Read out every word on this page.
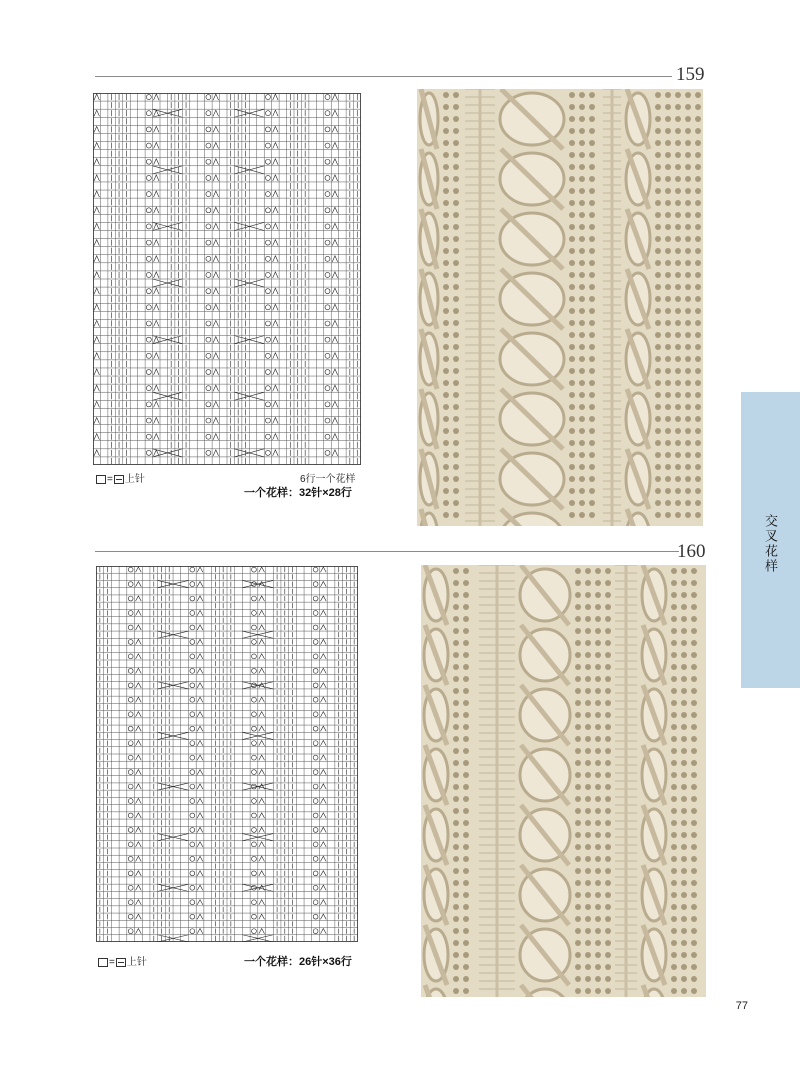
159
= 上针	6行一个花样
一个花样：32针×28行
160
= 上针	一个花样：26针×36行
交叉花样
77
